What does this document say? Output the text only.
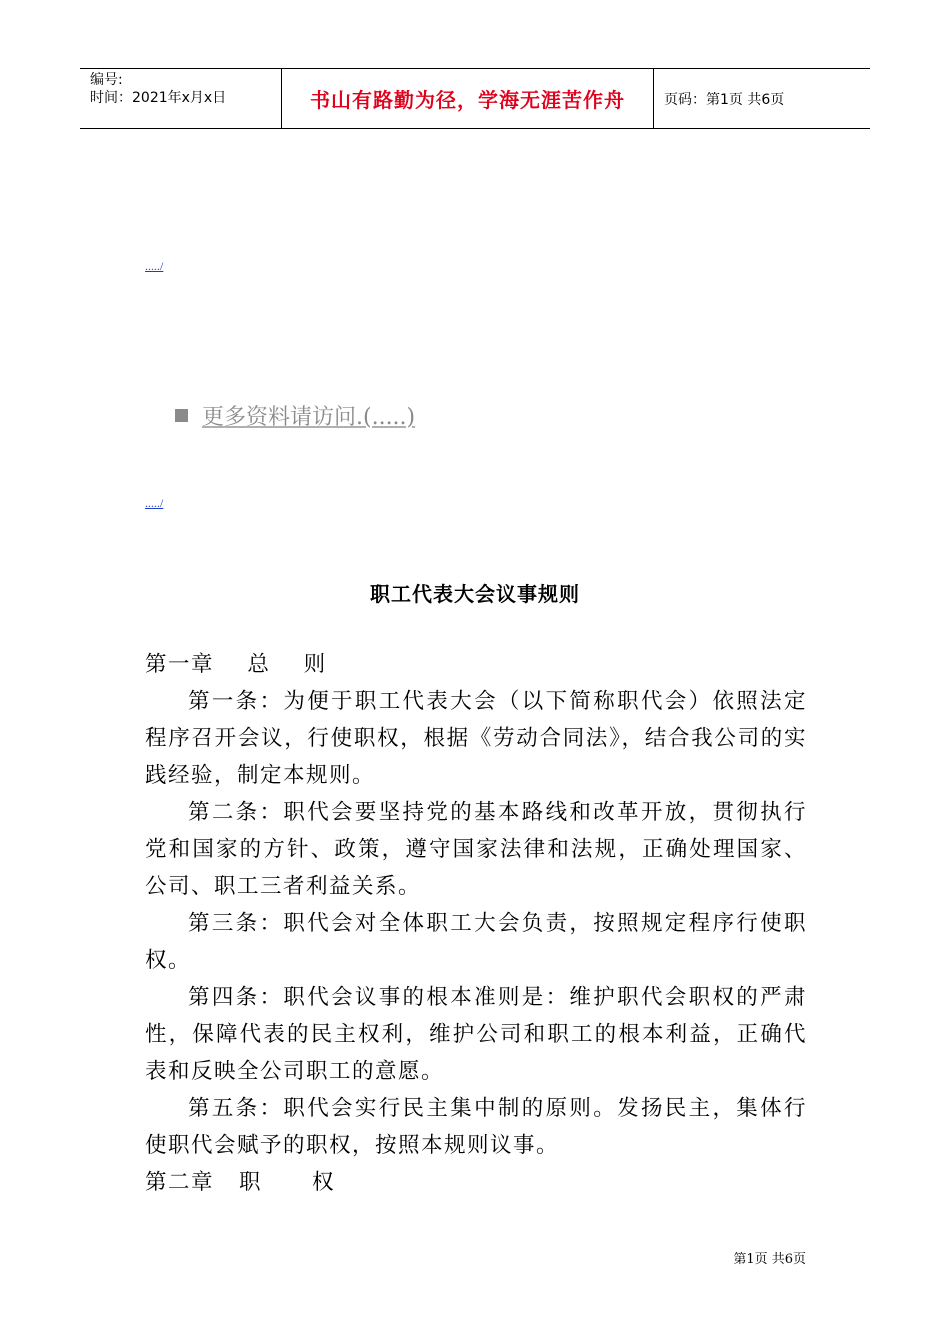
编号:
时间：2021年x月x日	书山有路勤为径，学海无涯苦作舟	页码：第1页 共6页
...../
更多资料请访问.(.....)
...../
职工代表大会议事规则

第一章    总    则

第一条：为便于职工代表大会（以下简称职代会）依照法定程序召开会议，行使职权，根据《劳动合同法》，结合我公司的实践经验，制定本规则。

第二条：职代会要坚持党的基本路线和改革开放，贯彻执行党和国家的方针、政策，遵守国家法律和法规，正确处理国家、公司、职工三者利益关系。

第三条：职代会对全体职工大会负责，按照规定程序行使职权。

第四条：职代会议事的根本准则是：维护职代会职权的严肃性，保障代表的民主权利，维护公司和职工的根本利益，正确代表和反映全公司职工的意愿。

第五条：职代会实行民主集中制的原则。发扬民主，集体行使职代会赋予的职权，按照本规则议事。

第二章   职      权

第1页 共6页
